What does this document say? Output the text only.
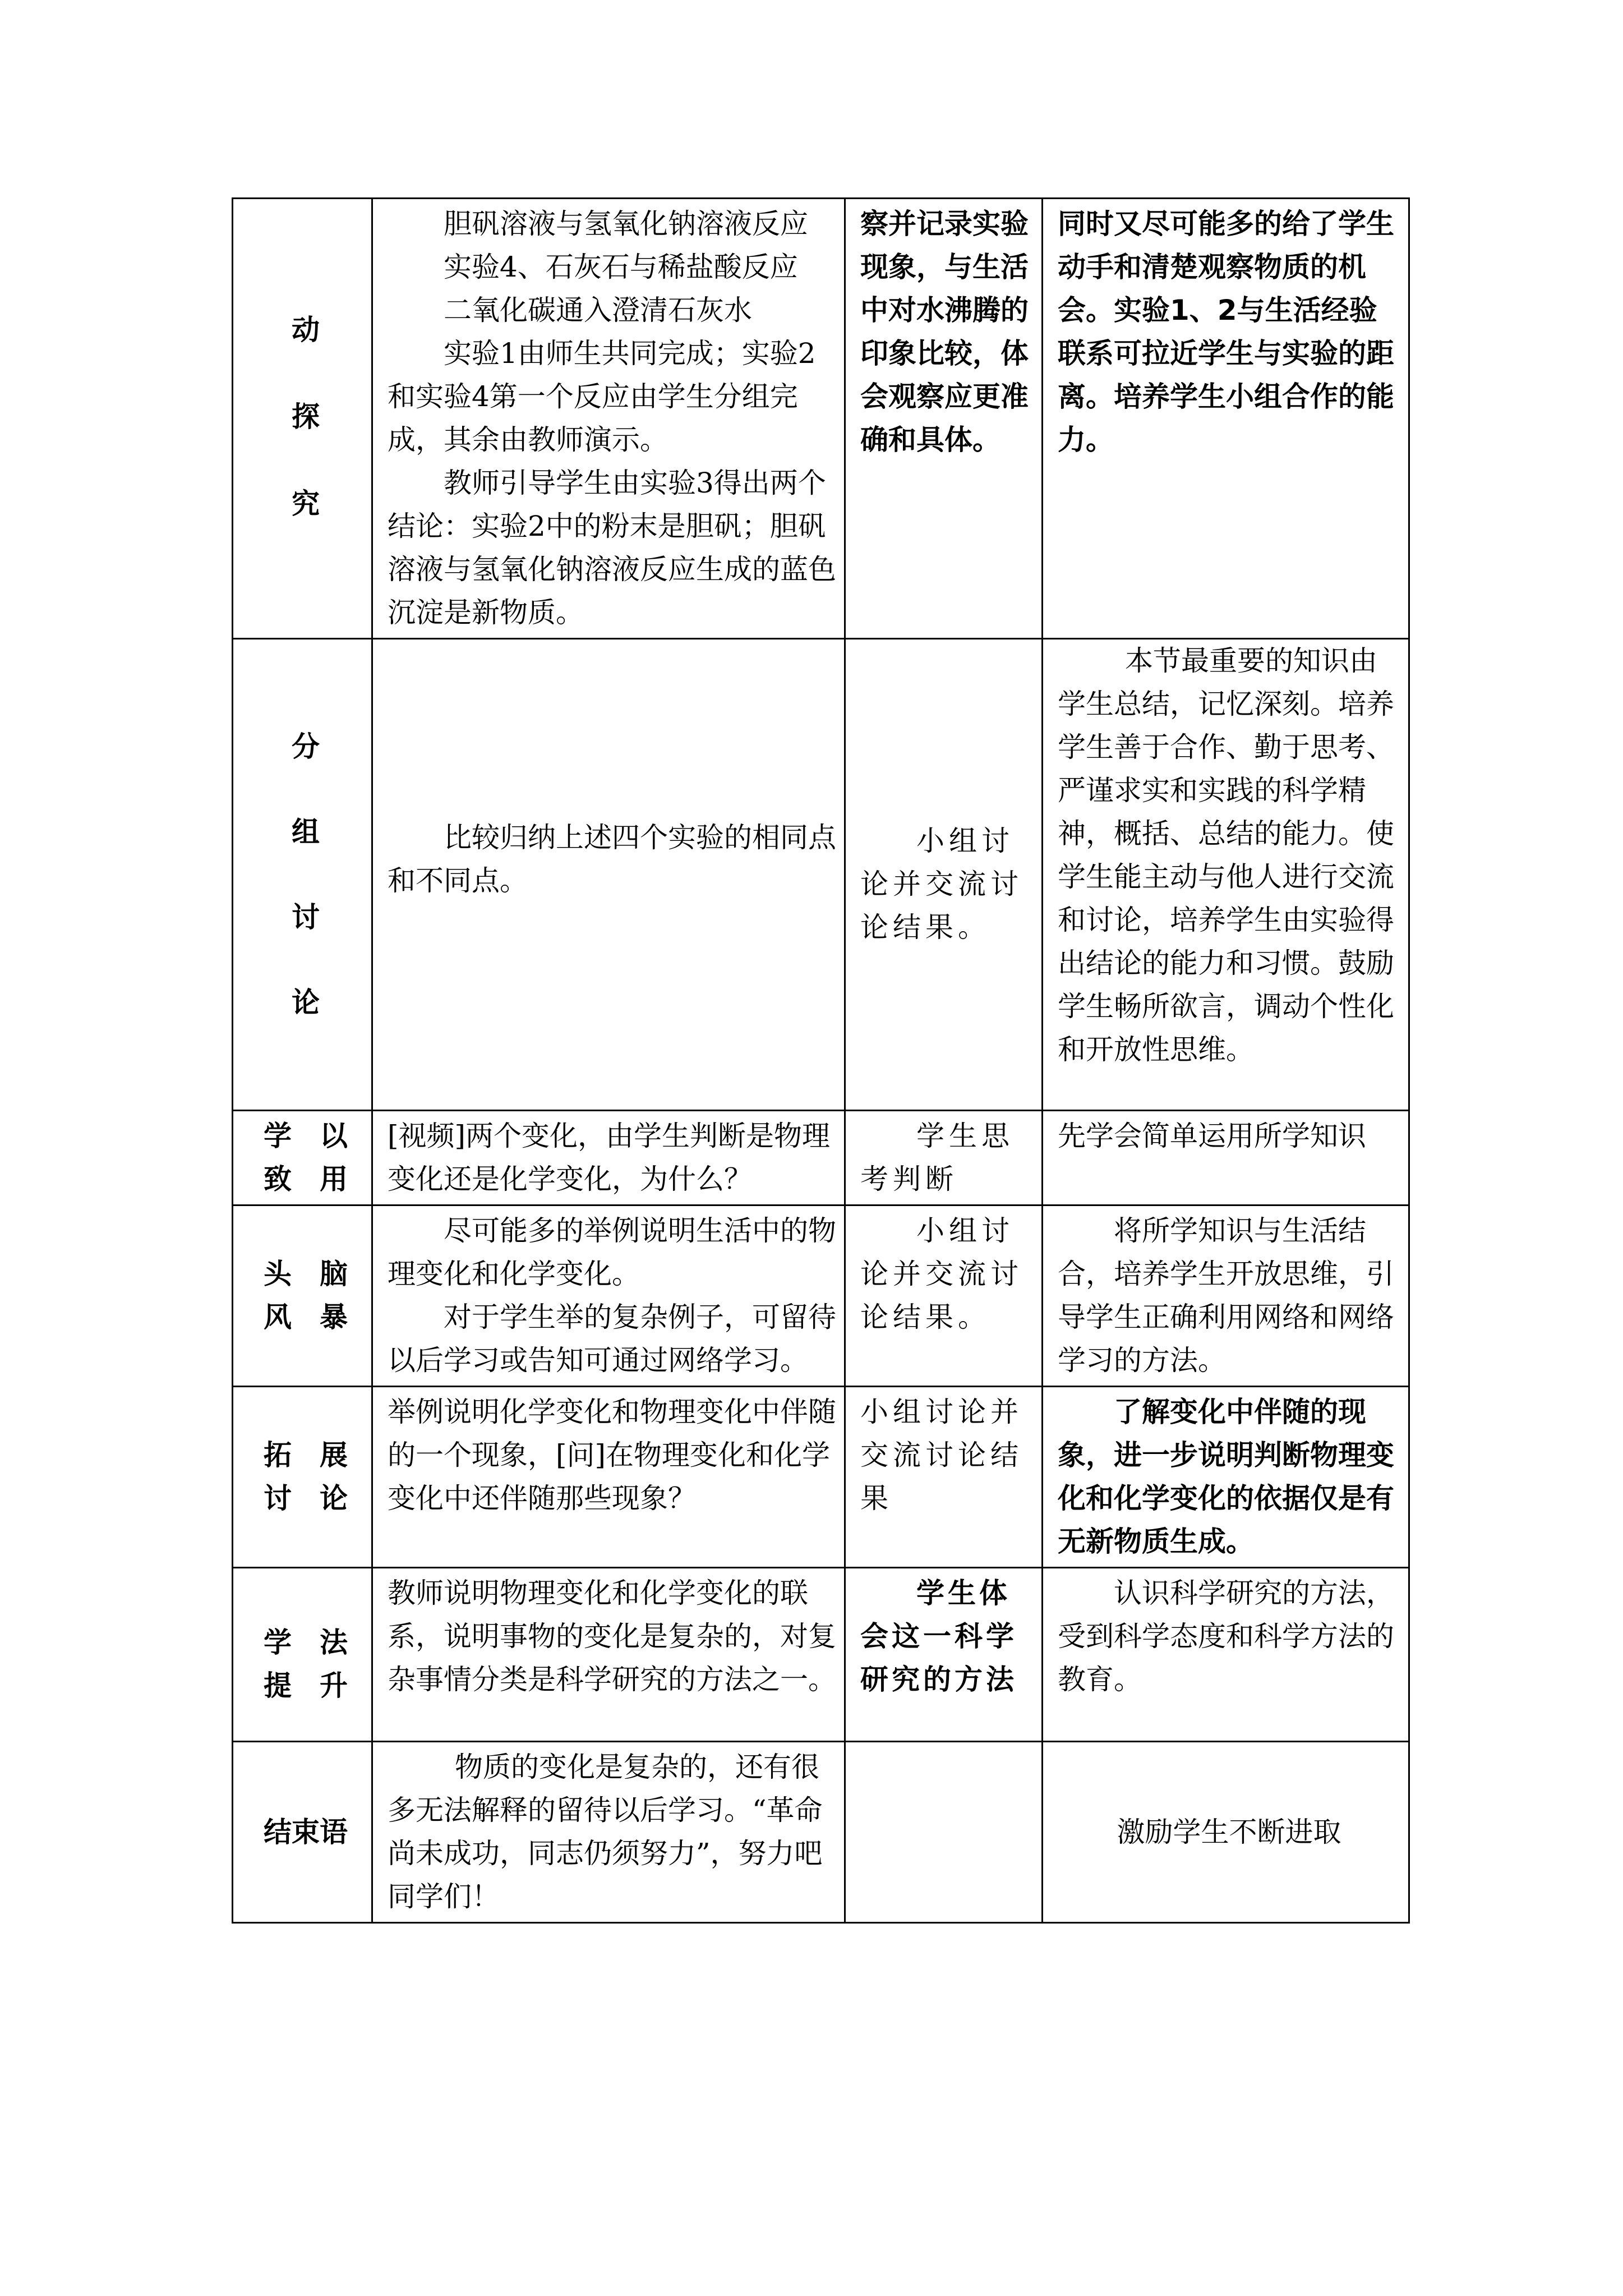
动
探
究	胆矾溶液与氢氧化钠溶液反应
实验4、石灰石与稀盐酸反应
二氧化碳通入澄清石灰水
实验1由师生共同完成；实验2和实验4第一个反应由学生分组完成，其余由教师演示。
教师引导学生由实验3得出两个结论：实验2中的粉末是胆矾；胆矾溶液与氢氧化钠溶液反应生成的蓝色沉淀是新物质。	察并记录实验现象，与生活中对水沸腾的印象比较，体会观察应更准确和具体。	同时又尽可能多的给了学生动手和清楚观察物质的机会。实验1、2与生活经验联系可拉近学生与实验的距离。培养学生小组合作的能力。

分
组
讨
论	比较归纳上述四个实验的相同点和不同点。	小组讨论并交流讨论结果。	本节最重要的知识由学生总结，记忆深刻。培养学生善于合作、勤于思考、严谨求实和实践的科学精神，概括、总结的能力。使学生能主动与他人进行交流和讨论，培养学生由实验得出结论的能力和习惯。鼓励学生畅所欲言，调动个性化和开放性思维。

学　以
致　用	[视频]两个变化，由学生判断是物理变化还是化学变化，为什么？	学生思考判断	先学会简单运用所学知识

头　脑
风　暴	尽可能多的举例说明生活中的物理变化和化学变化。
对于学生举的复杂例子，可留待以后学习或告知可通过网络学习。	小组讨论并交流讨论结果。	将所学知识与生活结合，培养学生开放思维，引导学生正确利用网络和网络学习的方法。

拓　展
讨　论	举例说明化学变化和物理变化中伴随的一个现象，[问]在物理变化和化学变化中还伴随那些现象？	小组讨论并交流讨论结果	了解变化中伴随的现象，进一步说明判断物理变化和化学变化的依据仅是有无新物质生成。

学　法
提　升	教师说明物理变化和化学变化的联系，说明事物的变化是复杂的，对复杂事情分类是科学研究的方法之一。	学生体会这一科学研究的方法	认识科学研究的方法，受到科学态度和科学方法的教育。

结束语	物质的变化是复杂的，还有很多无法解释的留待以后学习。“革命尚未成功，同志仍须努力”，努力吧同学们！		激励学生不断进取
